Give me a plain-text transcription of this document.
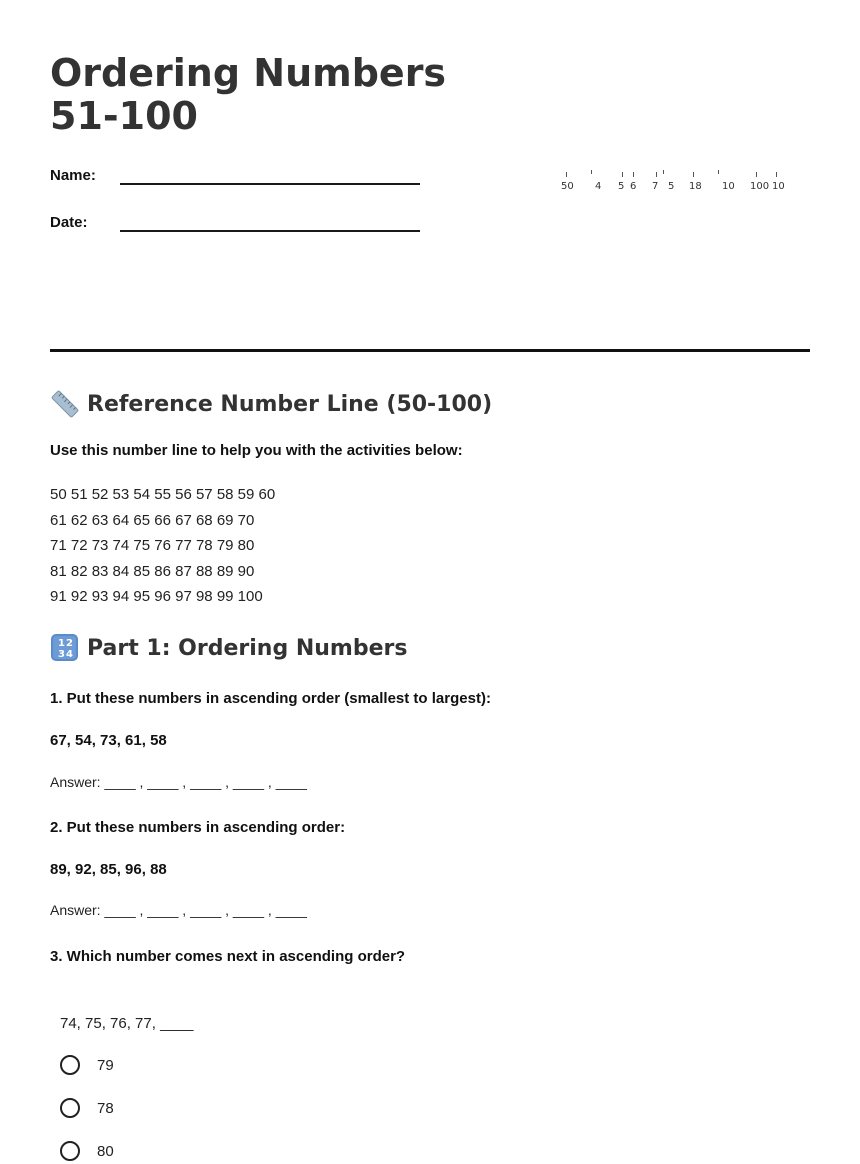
Ordering Numbers 51-100
Name:
Date:
50 4 5 6 7 5 18 10 100 10
Reference Number Line (50-100)
Use this number line to help you with the activities below:
50 51 52 53 54 55 56 57 58 59 60
61 62 63 64 65 66 67 68 69 70
71 72 73 74 75 76 77 78 79 80
81 82 83 84 85 86 87 88 89 90
91 92 93 94 95 96 97 98 99 100
1 2
3 4 Part 1: Ordering Numbers
1. Put these numbers in ascending order (smallest to largest):
67, 54, 73, 61, 58
Answer: ____ , ____ , ____ , ____ , ____
2. Put these numbers in ascending order:
89, 92, 85, 96, 88
Answer: ____ , ____ , ____ , ____ , ____
3. Which number comes next in ascending order?
74, 75, 76, 77, ____
79
78
80
